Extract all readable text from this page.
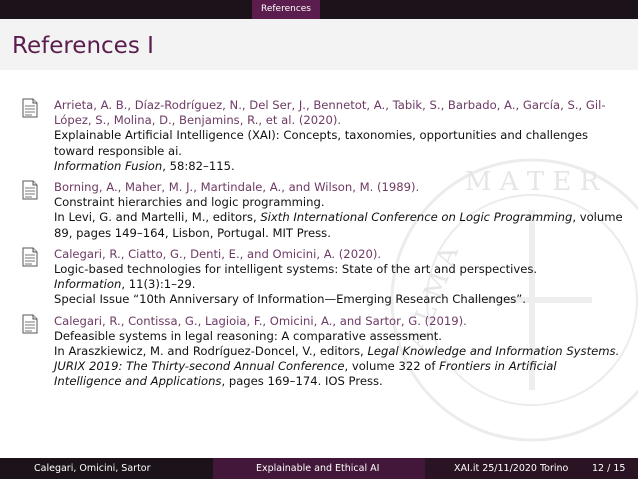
References
References I
M A T E R
A L M A
Arrieta, A. B., Díaz-Rodríguez, N., Del Ser, J., Bennetot, A., Tabik, S., Barbado, A., García, S., Gil-López, S., Molina, D., Benjamins, R., et al. (2020).
Explainable Artificial Intelligence (XAI): Concepts, taxonomies, opportunities and challenges toward responsible ai.
Information Fusion, 58:82–115.
Borning, A., Maher, M. J., Martindale, A., and Wilson, M. (1989).
Constraint hierarchies and logic programming.
In Levi, G. and Martelli, M., editors, Sixth International Conference on Logic Programming, volume 89, pages 149–164, Lisbon, Portugal. MIT Press.
Calegari, R., Ciatto, G., Denti, E., and Omicini, A. (2020).
Logic-based technologies for intelligent systems: State of the art and perspectives.
Information, 11(3):1–29.
Special Issue “10th Anniversary of Information—Emerging Research Challenges”.
Calegari, R., Contissa, G., Lagioia, F., Omicini, A., and Sartor, G. (2019).
Defeasible systems in legal reasoning: A comparative assessment.
In Araszkiewicz, M. and Rodríguez-Doncel, V., editors, Legal Knowledge and Information Systems. JURIX 2019: The Thirty-second Annual Conference, volume 322 of Frontiers in Artificial Intelligence and Applications, pages 169–174. IOS Press.
Calegari, Omicini, Sartor	Explainable and Ethical AI	XAI.it 25/11/2020 Torino 12 / 15
